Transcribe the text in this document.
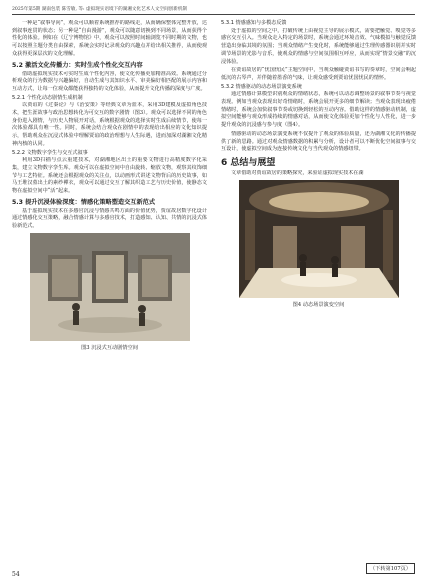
2025年第5期 湖南包装 陈雪敏, 等: 虚拟现实语境下的湖湘文化艺术人文空间创新机制

一种是“叙事导向”，观众可以顺着系统推荐的路线走，从而确保整体完整开放，达到叙事连贯的状态；另一种是“自由漫游”，观众可以随意切换到不同场景，从而获得个性化的体验。例如在《辽宁博物馆》中，观众可以按照时间轴浏览不同时期的文物，也可以按照主题分类自由探索，系统会实时记录观众的兴趣点并给出相关推荐，从而使观众获得更深层次的文化理解。

5.2 激活文化传播力：实时生成个性化交互内容

借助虚拟现实技术可实时生成个性化内容，使文化传播更加精准高效。系统通过分析观众的行为数据与兴趣偏好，自动生成与其知识水平、审美偏好相匹配的展示内容和互动方式，让每一位观众都能获得独特的文化体验，从而提升文化传播的深度与广度。

5.2.1 个性化动态剧情生成机制

以贾谊的《过秦论》与《治安策》等经典文章为蓝本，采用3D建模及虚拟角色技术，把生涯故事与政治思想转化为可交互的数字剧情（图3）。观众可以选择不同的角色身份进入剧情，与历史人物展开对话，系统根据观众的选择实时生成后续情节，使每一次体验都具有唯一性。同时，系统会结合观众在剧情中的表现给出相应的文化知识提示，帮助观众在沉浸式体验中理解贾谊的政治理想与人生际遇，进而加深对湖湘文化精神内核的认同。

5.2.2 文物数字孪生与交互式叙事

利用3D扫描与点云重建技术，对湖湘地区出土的重要文物进行高精度数字化采集，建立文物数字孪生库。观众可以在虚拟空间中自由旋转、缩放文物，观察其纹饰细节与工艺特征。系统还会根据观众的关注点，以动画形式讲述文物背后的历史故事，如马王堆汉墓出土的素纱襌衣，观众可以通过交互了解其织造工艺与历史价值，使静态文物在虚拟空间中“活”起来。

5.3 提升沉浸体验深度：情感化策略塑造交互新范式

基于虚拟现实技术在多感官沉浸与情感共鸣方面的价值优势，贾谊故居数字化设计通过情感化交互策略，融合情感计算与多感官技术，打造感知、认知、共情的沉浸式体验新范式。

图3 沉浸式互动剧情空间
5.3.1 情感感知与多模态反馈

处于虚拟的空间之中，打破传统上由视觉主导的展示模式，需要把触觉、嗅觉等多感官交互引入。当观众走入特定的场景时，系统会通过环境音效、气味模拟与触觉反馈营造出身临其境的氛围；当观众情绪产生变化时，系统能够通过生理传感器识别并实时调节场景的光影与音乐，使观众的情感与空间氛围相互呼应，从而实现“情景交融”的沉浸体验。

在贾谊故居的“忧国忧民”主题空间中，当观众触碰贾谊书写的奏章时，空间会响起低沉的古琴声，并伴随着墨香的气味，让观众感受到贾谊忧国忧民的情怀。

5.3.2 情感驱动的动态场景演变系统

通过情感计算模型识别观众的情绪状态，系统可以动态调整场景的叙事节奏与视觉表现。例如当观众表现出好奇情绪时，系统会展开更多的细节解读；当观众表现出疲倦情绪时，系统会加快叙事节奏或切换到轻松的互动内容。借助这样的情感驱动机制，虚拟空间能够与观众形成持续的情感对话，从而使文化体验更加个性化与人性化，进一步提升观众的沉浸感与参与度（图4）。

情感驱动的动态场景演变系统不仅提升了观众的体验质量，还为湖湘文化的传播提供了新的思路。通过对观众情感数据的积累与分析，设计者可以不断优化空间叙事与交互设计，使虚拟空间成为连接传统文化与当代观众的情感纽带。

6 总结与展望

文章借助对贾谊故居的策略探究，来验证虚拟现实技术在湖

图4 动态场景演变空间
（下转第107页）
54
